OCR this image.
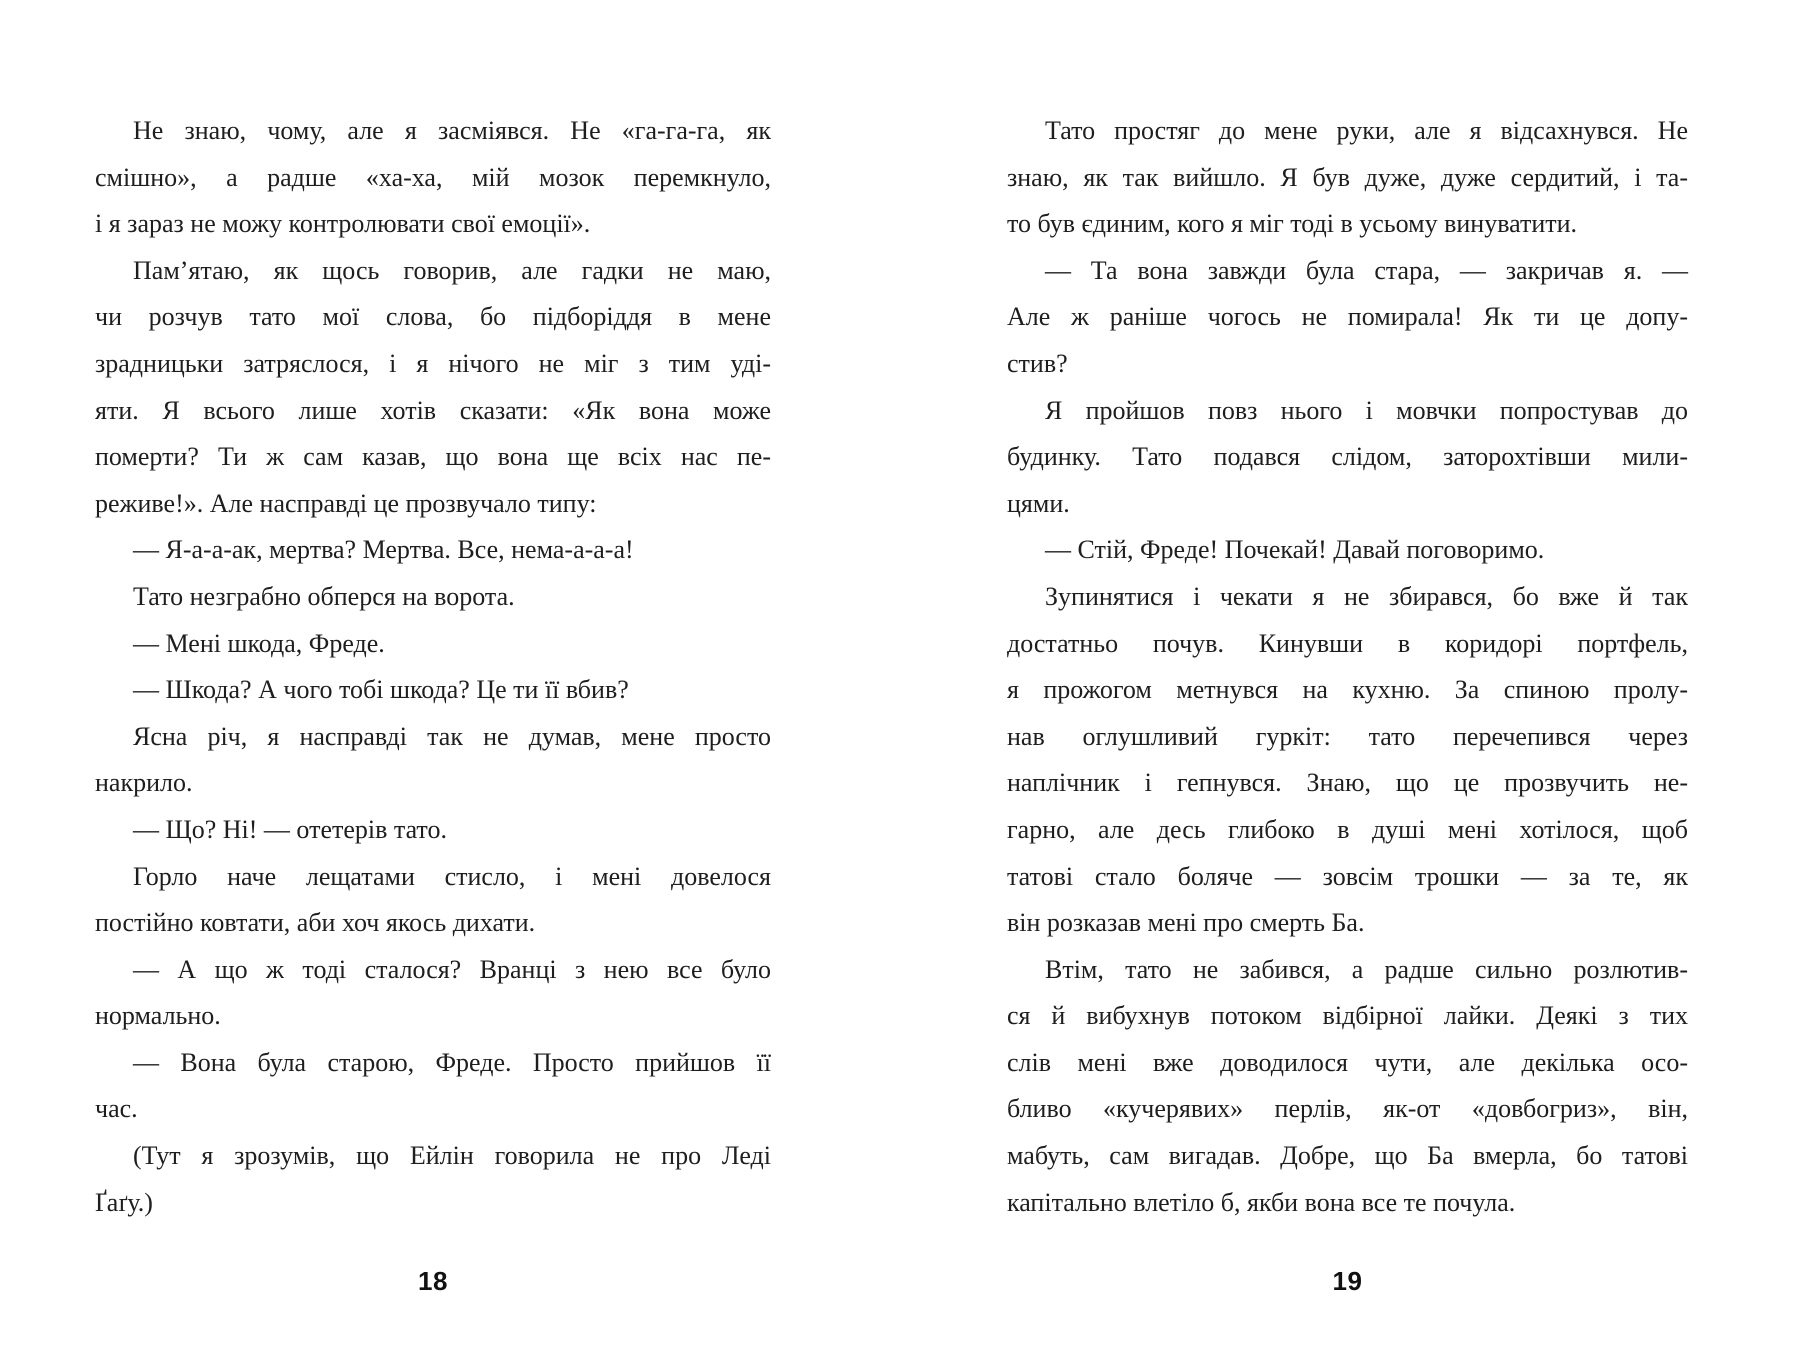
Не знаю, чому, але я засміявся. Не «га-га-га, як
смішно», а радше «ха-ха, мій мозок перемкнуло,
і я зараз не можу контролювати свої емоції».
Пам’ятаю, як щось говорив, але гадки не маю,
чи розчув тато мої слова, бо підборіддя в мене
зрадницьки затряслося, і я нічого не міг з тим уді-
яти. Я всього лише хотів сказати: «Як вона може
померти? Ти ж сам казав, що вона ще всіх нас пе-
реживе!». Але насправді це прозвучало типу:
— Я-а-а-ак, мертва? Мертва. Все, нема-а-а-а!
Тато незграбно обперся на ворота.
— Мені шкода, Фреде.
— Шкода? А чого тобі шкода? Це ти її вбив?
Ясна річ, я насправді так не думав, мене просто
накрило.
— Що? Ні! — отетерів тато.
Горло наче лещатами стисло, і мені довелося
постійно ковтати, аби хоч якось дихати.
— А що ж тоді сталося? Вранці з нею все було
нормально.
— Вона була старою, Фреде. Просто прийшов її
час.
(Тут я зрозумів, що Ейлін говорила не про Леді
Ґаґу.)
18
Тато простяг до мене руки, але я відсахнувся. Не
знаю, як так вийшло. Я був дуже, дуже сердитий, і та-
то був єдиним, кого я міг тоді в усьому винуватити.
— Та вона завжди була стара, — закричав я. —
Але ж раніше чогось не помирала! Як ти це допу-
стив?
Я пройшов повз нього і мовчки попростував до
будинку. Тато подався слідом, заторохтівши мили-
цями.
— Стій, Фреде! Почекай! Давай поговоримо.
Зупинятися і чекати я не збирався, бо вже й так
достатньо почув. Кинувши в коридорі портфель,
я прожогом метнувся на кухню. За спиною пролу-
нав оглушливий гуркіт: тато перечепився через
наплічник і гепнувся. Знаю, що це прозвучить не-
гарно, але десь глибоко в душі мені хотілося, щоб
татові стало боляче — зовсім трошки — за те, як
він розказав мені про смерть Ба.
Втім, тато не забився, а радше сильно розлютив-
ся й вибухнув потоком відбірної лайки. Деякі з тих
слів мені вже доводилося чути, але декілька осо-
бливо «кучерявих» перлів, як-от «довбогриз», він,
мабуть, сам вигадав. Добре, що Ба вмерла, бо татові
капітально влетіло б, якби вона все те почула.
19
